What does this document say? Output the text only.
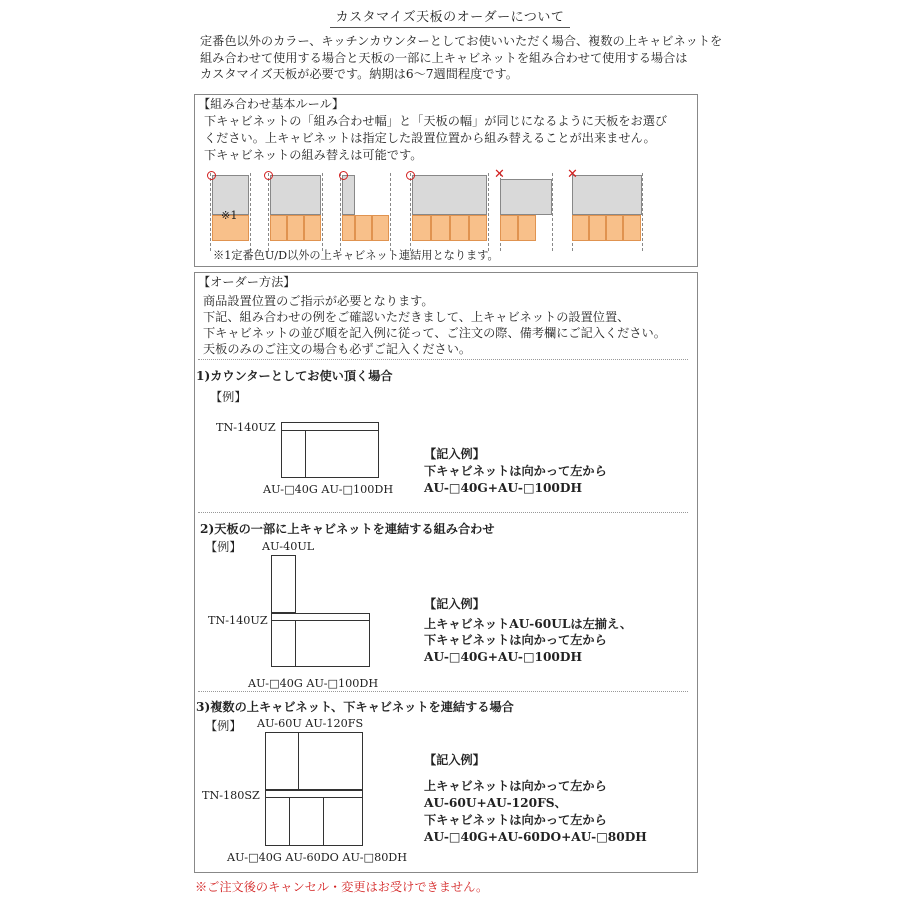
カスタマイズ天板のオーダーについて
定番色以外のカラー、キッチンカウンターとしてお使いいただく場合、複数の上キャビネットを
組み合わせて使用する場合と天板の一部に上キャビネットを組み合わせて使用する場合は
カスタマイズ天板が必要です。納期は6〜7週間程度です。
【組み合わせ基本ルール】
下キャビネットの「組み合わせ幅」と「天板の幅」が同じになるように天板をお選び
ください。上キャビネットは指定した設置位置から組み替えることが出来ません。
下キャビネットの組み替えは可能です。
※1
✕	✕
※1定番色U/D以外の上キャビネット連結用となります。
【オーダー方法】
商品設置位置のご指示が必要となります。
下記、組み合わせの例をご確認いただきまして、上キャビネットの設置位置、
下キャビネットの並び順を記入例に従って、ご注文の際、備考欄にご記入ください。
天板のみのご注文の場合も必ずご記入ください。
1)カウンターとしてお使い頂く場合
【例】
TN-140UZ
AU-□40G AU-□100DH
【記入例】
下キャビネットは向かって左から
AU-□40G+AU-□100DH
2)天板の一部に上キャビネットを連結する組み合わせ
【例】 AU-40UL
TN-140UZ
AU-□40G AU-□100DH
【記入例】
上キャビネットAU-60ULは左揃え、
下キャビネットは向かって左から
AU-□40G+AU-□100DH
3)複数の上キャビネット、下キャビネットを連結する場合
【例】 AU-60U AU-120FS
TN-180SZ
AU-□40G AU-60DO AU-□80DH
【記入例】
上キャビネットは向かって左から
AU-60U+AU-120FS、
下キャビネットは向かって左から
AU-□40G+AU-60DO+AU-□80DH
※ご注文後のキャンセル・変更はお受けできません。
